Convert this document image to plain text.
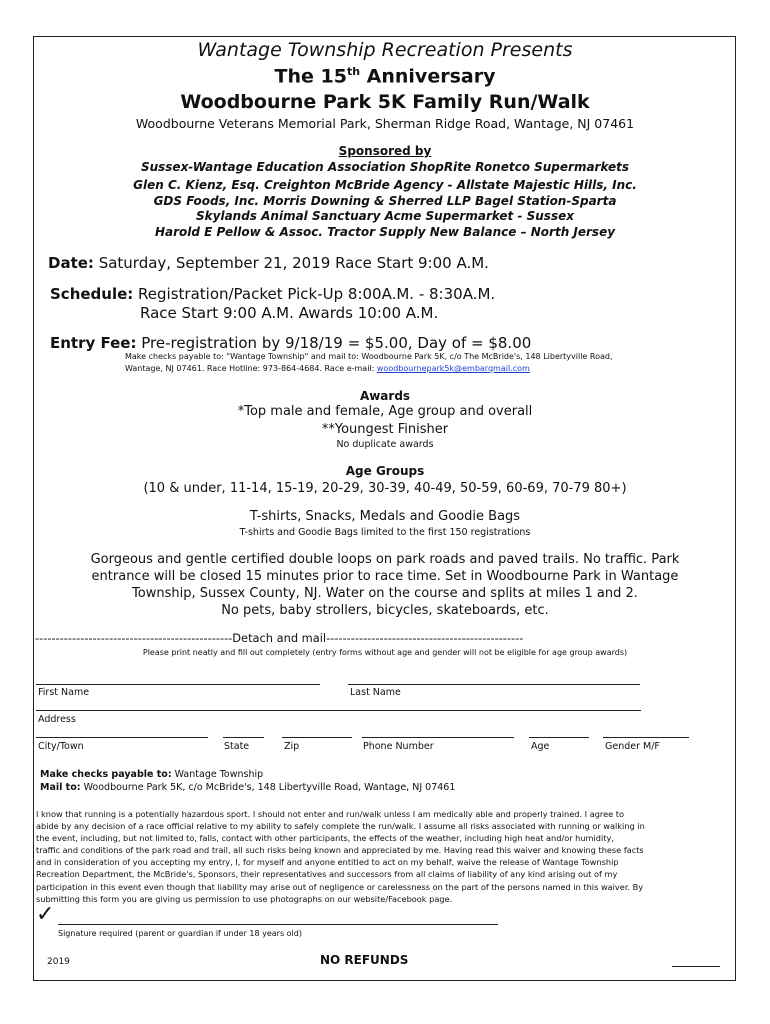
Wantage Township Recreation Presents
The 15th Anniversary
Woodbourne Park 5K Family Run/Walk
Woodbourne Veterans Memorial Park, Sherman Ridge Road, Wantage, NJ 07461
Sponsored by
Sussex-Wantage Education Association ShopRite Ronetco Supermarkets
Glen C. Kienz, Esq. Creighton McBride Agency - Allstate Majestic Hills, Inc.
GDS Foods, Inc. Morris Downing & Sherred LLP Bagel Station-Sparta
Skylands Animal Sanctuary Acme Supermarket - Sussex
Harold E Pellow & Assoc. Tractor Supply New Balance – North Jersey
Date: Saturday, September 21, 2019 Race Start 9:00 A.M.
Schedule: Registration/Packet Pick-Up 8:00A.M. - 8:30A.M.
Race Start 9:00 A.M. Awards 10:00 A.M.
Entry Fee: Pre-registration by 9/18/19 = $5.00, Day of = $8.00
Make checks payable to: "Wantage Township" and mail to: Woodbourne Park 5K, c/o The McBride's, 148 Libertyville Road,
Wantage, NJ 07461. Race Hotline: 973-864-4684. Race e-mail: woodbournepark5k@embarqmail.com
Awards
*Top male and female, Age group and overall
**Youngest Finisher
No duplicate awards
Age Groups
(10 & under, 11-14, 15-19, 20-29, 30-39, 40-49, 50-59, 60-69, 70-79 80+)
T-shirts, Snacks, Medals and Goodie Bags
T-shirts and Goodie Bags limited to the first 150 registrations
Gorgeous and gentle certified double loops on park roads and paved trails. No traffic. Park
entrance will be closed 15 minutes prior to race time. Set in Woodbourne Park in Wantage
Township, Sussex County, NJ. Water on the course and splits at miles 1 and 2.
No pets, baby strollers, bicycles, skateboards, etc.
------------------------------------------------Detach and mail------------------------------------------------
Please print neatly and fill out completely (entry forms without age and gender will not be eligible for age group awards)
First Name	Last Name
Address
City/Town	State	Zip	Phone Number	Age	Gender M/F
Make checks payable to: Wantage Township
Mail to: Woodbourne Park 5K, c/o McBride's, 148 Libertyville Road, Wantage, NJ 07461

I know that running is a potentially hazardous sport. I should not enter and run/walk unless I am medically able and properly trained. I agree to

abide by any decision of a race official relative to my ability to safely complete the run/walk. I assume all risks associated with running or walking in

the event, including, but not limited to, falls, contact with other participants, the effects of the weather, including high heat and/or humidity,

traffic and conditions of the park road and trail, all such risks being known and appreciated by me. Having read this waiver and knowing these facts

and in consideration of you accepting my entry, I, for myself and anyone entitled to act on my behalf, waive the release of Wantage Township

Recreation Department, the McBride's, Sponsors, their representatives and successors from all claims of liability of any kind arising out of my

participation in this event even though that liability may arise out of negligence or carelessness on the part of the persons named in this waiver. By

submitting this form you are giving us permission to use photographs on our website/Facebook page.

✓
Signature required (parent or guardian if under 18 years old)
2019	NO REFUNDS
